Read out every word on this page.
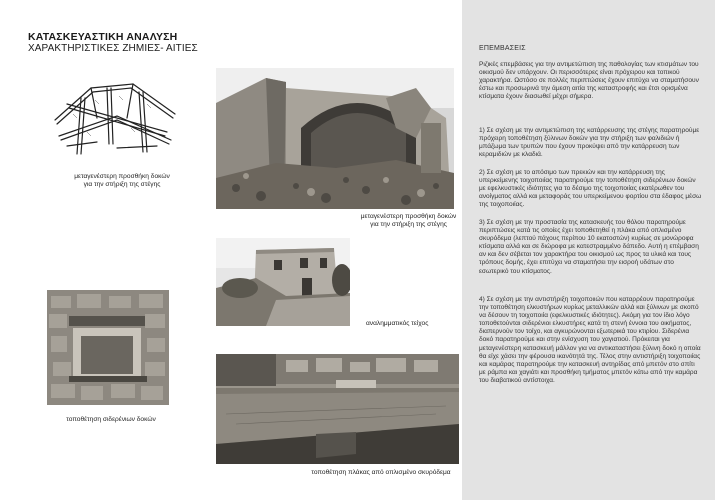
ΚΑΤΑΣΚΕΥΑΣΤΙΚΗ ΑΝΑΛΥΣΗ
ΧΑΡΑΚΤΗΡΙΣΤΙΚΕΣ ΖΗΜΙΕΣ- ΑΙΤΙΕΣ
μεταγενέστερη προσθήκη δοκών
για την στήριξη της στέγης
μεταγενέστερη προσθήκη δοκών
για την στήριξη της στέγης
αναλημματικός τείχος
τοποθέτηση σιδερένιων δοκών
τοποθέτηση πλάκας από οπλισμένο σκυρόδεμα
ΕΠΕΜΒΑΣΕΙΣ

Ριζικές επεμβάσεις για την αντιμετώπιση της παθολογίας των κτισμάτων του οικισμού δεν υπάρχουν. Οι περισσότερες είναι πρόχειρου και τοπικού χαρακτήρα. Ωστόσο σε πολλές περιπτώσεις έχουν επιτύχει να σταματήσουν έστω και προσωρινά την άμεση αιτία της καταστροφής και έτσι ορισμένα κτίσματα έχουν διασωθεί μέχρι σήμερα.

1) Σε σχέση με την αντιμετώπιση της κατάρρευσης της στέγης παρατηρούμε πρόχειρη τοποθέτηση ξύλινων δοκών για την στήριξη των φαλιδιών ή μπάζωμα των τρυπών που έχουν προκύψει από την κατάρρευση των κεραμιδιών με κλαδιά.

2) Σε σχέση με το απόσιμο των πρεκιών και την κατάρρευση της υπερκείμενης τοιχοποιίας παρατηρούμε την τοποθέτηση σιδερένιων δοκών με εφελκυστικές ιδιότητες για το δέσιμο της τοιχοποιίας εκατέρωθεν του ανοίγματος αλλά και μεταφοράς του υπερκείμενου φορτίου στα έδαφος μέσω της τοιχοποιίας.

3) Σε σχέση με την προστασία της κατασκευής του θόλου παρατηρούμε περιπτώσεις κατά τις οποίες έχει τοποθετηθεί η πλάκα από οπλισμένο σκυρόδεμα (λεπτού πάχους περίπου 10 εκατοστών) κυρίως σε μονώροφα κτίσματα αλλά και σε διώροφα με κατεστραμμένο δάπεδο. Αυτή η επέμβαση αν και δεν σέβεται τον χαρακτήρα του οικισμού ως προς τα υλικά και τους τρόπους δομής, έχει επιτύχει να σταματήσει την εισροή υδάτων στο εσωτερικό του κτίσματος.

4) Σε σχέση με την αντιστήριξη τοιχοποιιών που καταρρέουν παρατηρούμε την τοποθέτηση ελκυστήρων κυρίως μεταλλικών αλλά και ξύλινων με σκοπό να δέσουν τη τοιχοποιία (εφελκυστικές ιδιότητες). Ακόμη για τον ίδιο λόγο τοποθετούνται σιδερένιοι ελκυστήρες κατά τη στενή έννοια του οικήματος, διαπερνούν τον τοίχο, και αγκυρώνονται εξωτερικά του κτιρίου. Σιδερένια δοκό παρατηρούμε και στην ενίσχυση του χαγιατιού. Πρόκειται για μεταγενέστερη κατασκευή μάλλον για να αντικαταστήσει ξύλινη δοκό η οποία θα είχε χάσει την φέρουσα ικανότητά της. Τέλος στην αντιστήριξη τοιχοποιίας και καμάρας παρατηρούμε την κατασκευή αντηρίδας από μπετόν στο σπίτι με ράμπα και χαγιάτι και προσθήκη τμήματος μπετόν κάτω από την καμάρα του διαβατικού αντίστοιχα.
